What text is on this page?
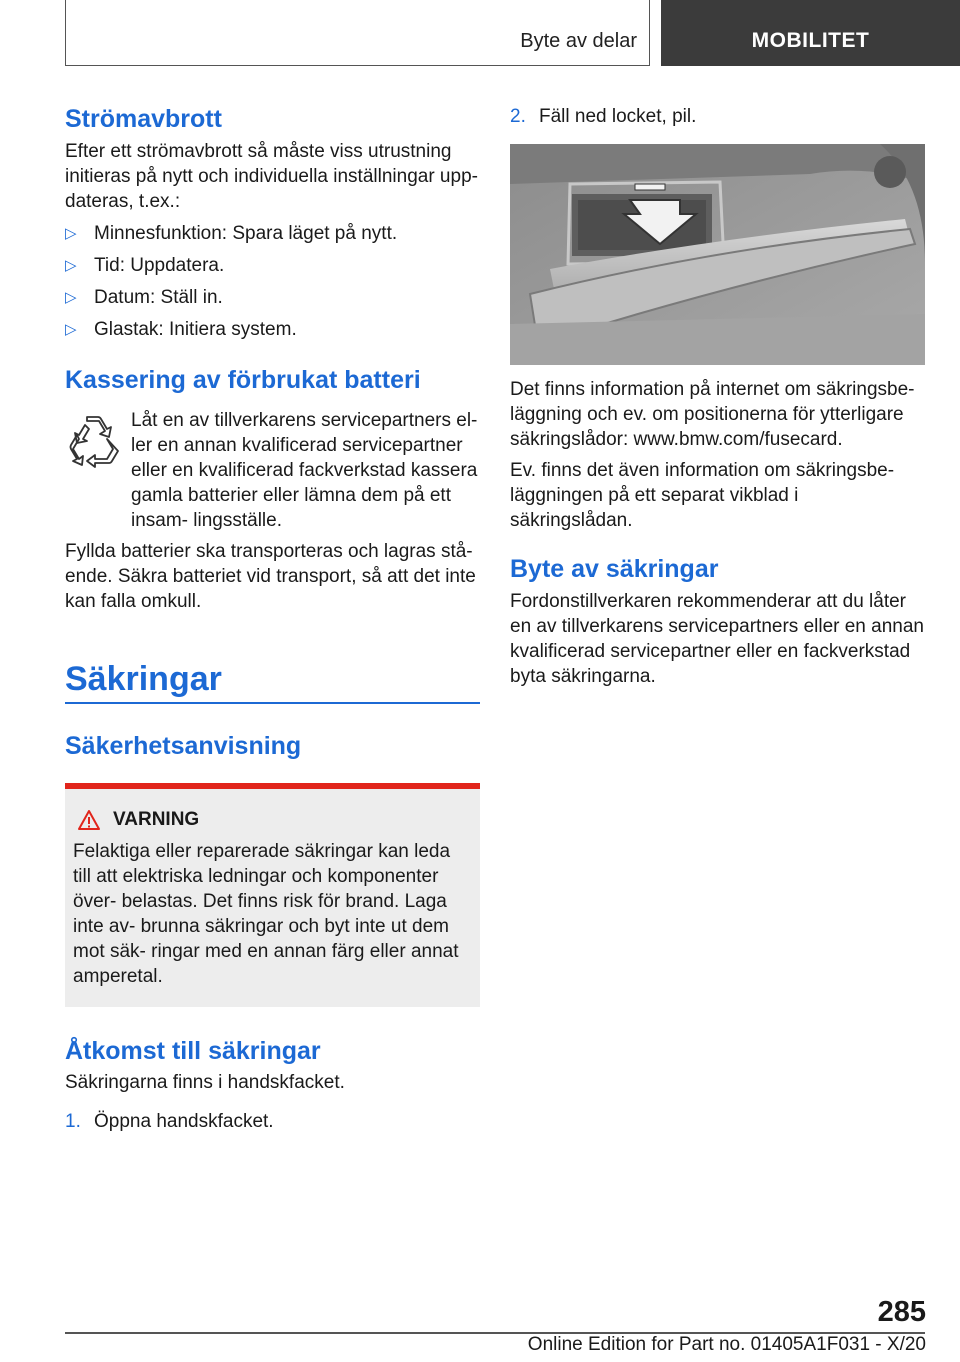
Byte av delar	MOBILITET
Strömavbrott

Efter ett strömavbrott så måste viss utrustning initieras på nytt och individuella inställningar upp- dateras, t.ex.:

▷ Minnesfunktion: Spara läget på nytt.
▷ Tid: Uppdatera.
▷ Datum: Ställ in.
▷ Glastak: Initiera system.
Kassering av förbrukat batteri

Låt en av tillverkarens servicepartners el- ler en annan kvalificerad servicepartner eller en kvalificerad fackverkstad kassera gamla batterier eller lämna dem på ett insam- lingsställe.

Fyllda batterier ska transporteras och lagras stå- ende. Säkra batteriet vid transport, så att det inte kan falla omkull.

Säkringar
Säkerhetsanvisning
VARNING

Felaktiga eller reparerade säkringar kan leda till att elektriska ledningar och komponenter över- belastas. Det finns risk för brand. Laga inte av- brunna säkringar och byt inte ut dem mot säk- ringar med en annan färg eller annat amperetal.

Åtkomst till säkringar

Säkringarna finns i handskfacket.

1. Öppna handskfacket.
2. Fäll ned locket, pil.

Det finns information på internet om säkringsbe- läggning och ev. om positionerna för ytterligare säkringslådor: www.bmw.com/fusecard.

Ev. finns det även information om säkringsbe- läggningen på ett separat vikblad i säkringslådan.

Byte av säkringar

Fordonstillverkaren rekommenderar att du låter en av tillverkarens servicepartners eller en annan kvalificerad servicepartner eller en fackverkstad byta säkringarna.

285
Online Edition for Part no. 01405A1F031 - X/20
